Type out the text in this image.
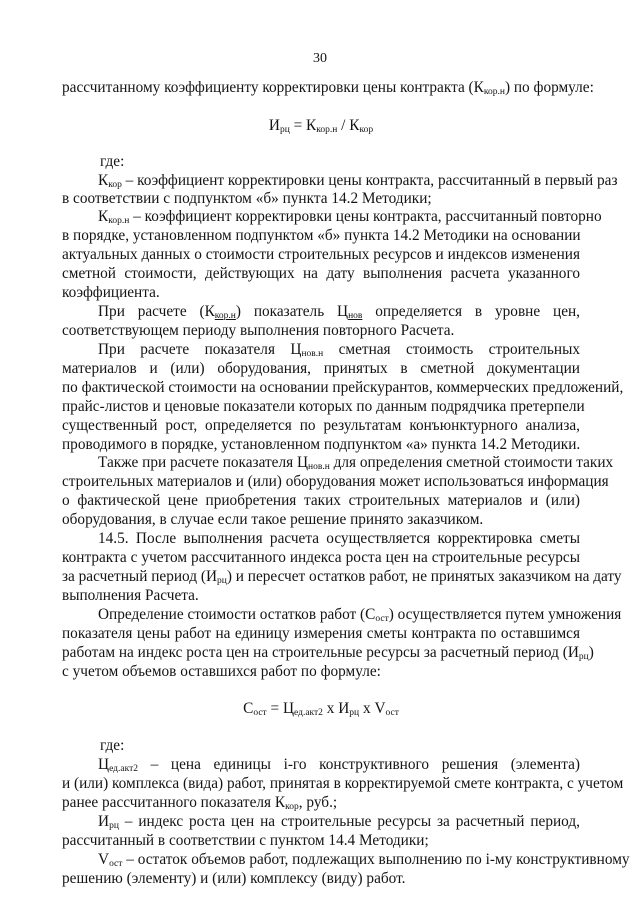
30
рассчитанному коэффициенту корректировки цены контракта $(К_{кор.н})$ по формуле:
$И_{рц} = К_{кор.н} / К_{кор}$
где:
$К_{кор}$ – коэффициент корректировки цены контракта, рассчитанный в первый раз
в соответствии с подпунктом «б» пункта 14.2 Методики;
$К_{кор.н}$ – коэффициент корректировки цены контракта, рассчитанный повторно
в порядке, установленном подпунктом «б» пункта 14.2 Методики на основании
актуальных данных о стоимости строительных ресурсов и индексов изменения
сметной стоимости, действующих на дату выполнения расчета указанного
коэффициента.
При расчете $(К_{кор.н})$ показатель $Ц_{нов}$ определяется в уровне цен,
соответствующем периоду выполнения повторного Расчета.
При расчете показателя $Ц_{нов.н}$ сметная стоимость строительных
материалов и (или) оборудования, принятых в сметной документации
по фактической стоимости на основании прейскурантов, коммерческих предложений,
прайс-листов и ценовые показатели которых по данным подрядчика претерпели
существенный рост, определяется по результатам конъюнктурного анализа,
проводимого в порядке, установленном подпунктом «а» пункта 14.2 Методики.
Также при расчете показателя $Ц_{нов.н}$ для определения сметной стоимости таких
строительных материалов и (или) оборудования может использоваться информация
о фактической цене приобретения таких строительных материалов и (или)
оборудования, в случае если такое решение принято заказчиком.
14.5. После выполнения расчета осуществляется корректировка сметы
контракта с учетом рассчитанного индекса роста цен на строительные ресурсы
за расчетный период $(И_{рц})$ и пересчет остатков работ, не принятых заказчиком на дату
выполнения Расчета.
Определение стоимости остатков работ $(С_{ост})$ осуществляется путем умножения
показателя цены работ на единицу измерения сметы контракта по оставшимся
работам на индекс роста цен на строительные ресурсы за расчетный период $(И_{рц})$
с учетом объемов оставшихся работ по формуле:
$С_{ост} = Ц_{ед.акт2}$ х $И_{рц}$ х $V_{ост}$
где:
$Ц_{ед.акт2}$ – цена единицы i-го конструктивного решения (элемента)
и (или) комплекса (вида) работ, принятая в корректируемой смете контракта, с учетом
ранее рассчитанного показателя $К_{кор}$, руб.;
$И_{рц}$ – индекс роста цен на строительные ресурсы за расчетный период,
рассчитанный в соответствии с пунктом 14.4 Методики;
$V_{ост}$ – остаток объемов работ, подлежащих выполнению по i-му конструктивному
решению (элементу) и (или) комплексу (виду) работ.
